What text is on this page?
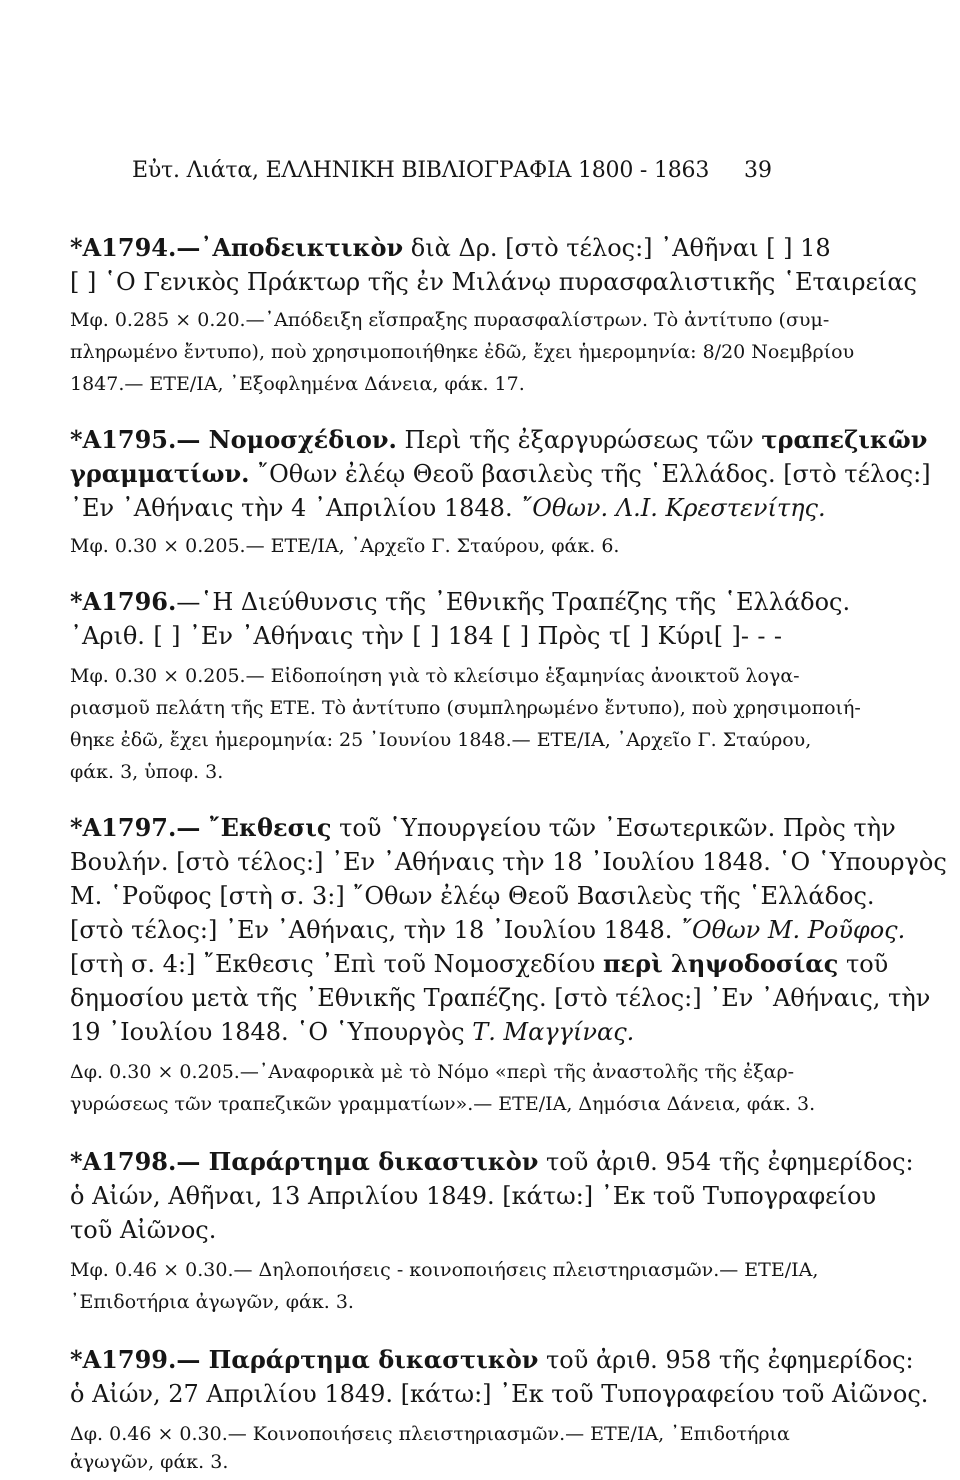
Εὐτ. Λιάτα, ΕΛΛΗΝΙΚΗ ΒΙΒΛΙΟΓΡΑΦΙΑ 1800 - 1863 39
*Α1794.—᾿Αποδεικτικὸν διὰ Δρ. [στὸ τέλος:] ᾿Αθῆναι [ ] 18
[ ] ῾Ο Γενικὸς Πράκτωρ τῆς ἐν Μιλάνῳ πυρασφαλιστικῆς ῾Εταιρείας
Μφ. 0.285 × 0.20.—᾿Απόδειξη εἴσπραξης πυρασφαλίστρων. Τὸ ἀντίτυπο (συμ-
πληρωμένο ἔντυπο), ποὺ χρησιμοποιήθηκε ἐδῶ, ἔχει ἡμερομηνία: 8/20 Νοεμβρίου
1847.— ΕΤΕ/ΙΑ, ᾿Εξοφλημένα Δάνεια, φάκ. 17.
*Α1795.— Νομοσχέδιον. Περὶ τῆς ἐξαργυρώσεως τῶν τραπεζικῶν
γραμματίων. ῎Οθων ἐλέῳ Θεοῦ βασιλεὺς τῆς ῾Ελλάδος. [στὸ τέλος:]
᾿Εν ᾿Αθήναις τὴν 4 ᾿Απριλίου 1848. ῎Οθων. Λ.Ι. Κρεστενίτης.
Μφ. 0.30 × 0.205.— ΕΤΕ/ΙΑ, ᾿Αρχεῖο Γ. Σταύρου, φάκ. 6.
*Α1796.—῾Η Διεύθυνσις τῆς ᾿Εθνικῆς Τραπέζης τῆς ῾Ελλάδος.
᾿Αριθ. [ ] ᾿Εν ᾿Αθήναις τὴν [ ] 184 [ ] Πρὸς τ[ ] Κύρι[ ]- - -
Μφ. 0.30 × 0.205.— Εἰδοποίηση γιὰ τὸ κλείσιμο ἑξαμηνίας ἀνοικτοῦ λογα-
ριασμοῦ πελάτη τῆς ΕΤΕ. Τὸ ἀντίτυπο (συμπληρωμένο ἔντυπο), ποὺ χρησιμοποιή-
θηκε ἐδῶ, ἔχει ἡμερομηνία: 25 ᾿Ιουνίου 1848.— ΕΤΕ/ΙΑ, ᾿Αρχεῖο Γ. Σταύρου,
φάκ. 3, ὑποφ. 3.
*Α1797.— ῎Εκθεσις τοῦ ῾Υπουργείου τῶν ᾿Εσωτερικῶν. Πρὸς τὴν
Βουλήν. [στὸ τέλος:] ᾿Εν ᾿Αθήναις τὴν 18 ᾿Ιουλίου 1848. ῾Ο ῾Υπουργὸς
Μ. ῾Ροῦφος [στὴ σ. 3:] ῎Οθων ἐλέῳ Θεοῦ Βασιλεὺς τῆς ῾Ελλάδος.
[στὸ τέλος:] ᾿Εν ᾿Αθήναις, τὴν 18 ᾿Ιουλίου 1848. ῎Οθων Μ. Ροῦφος.
[στὴ σ. 4:] ῎Εκθεσις ᾿Επὶ τοῦ Νομοσχεδίου περὶ ληψοδοσίας τοῦ
δημοσίου μετὰ τῆς ᾿Εθνικῆς Τραπέζης. [στὸ τέλος:] ᾿Εν ᾿Αθήναις, τὴν
19 ᾿Ιουλίου 1848. ῾Ο ῾Υπουργὸς Τ. Μαγγίνας.
Δφ. 0.30 × 0.205.—᾿Αναφορικὰ μὲ τὸ Νόμο «περὶ τῆς ἀναστολῆς τῆς ἐξαρ-
γυρώσεως τῶν τραπεζικῶν γραμματίων».— ΕΤΕ/ΙΑ, Δημόσια Δάνεια, φάκ. 3.
*Α1798.— Παράρτημα δικαστικὸν τοῦ ἀριθ. 954 τῆς ἐφημερίδος:
ὁ Αἰών, Αθῆναι, 13 Απριλίου 1849. [κάτω:] ᾿Εκ τοῦ Τυπογραφείου
τοῦ Αἰῶνος.
Μφ. 0.46 × 0.30.— Δηλοποιήσεις - κοινοποιήσεις πλειστηριασμῶν.— ΕΤΕ/ΙΑ,
᾿Επιδοτήρια ἀγωγῶν, φάκ. 3.
*Α1799.— Παράρτημα δικαστικὸν τοῦ ἀριθ. 958 τῆς ἐφημερίδος:
ὁ Αἰών, 27 Απριλίου 1849. [κάτω:] ᾿Εκ τοῦ Τυπογραφείου τοῦ Αἰῶνος.
Δφ. 0.46 × 0.30.— Κοινοποιήσεις πλειστηριασμῶν.— ΕΤΕ/ΙΑ, ᾿Επιδοτήρια
ἀγωγῶν, φάκ. 3.
